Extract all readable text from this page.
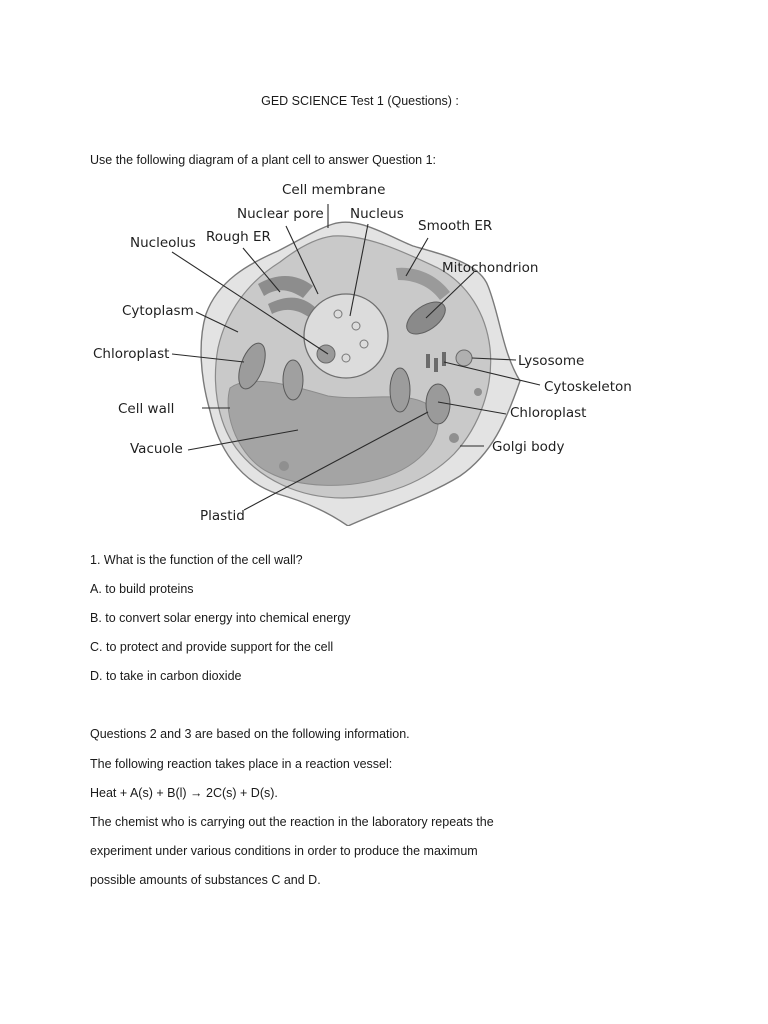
GED SCIENCE Test 1 (Questions) :
Use the following diagram of a plant cell to answer Question 1:
Cell membrane
Nuclear pore Nucleus
Smooth ER
Nucleolus Rough ER
Mitochondrion
Cytoplasm
Chloroplast	Lysosome
Cytoskeleton
Cell wall	Chloroplast
Vacuole	Golgi body
Plastid
1. What is the function of the cell wall?
A. to build proteins
B. to convert solar energy into chemical energy
C. to protect and provide support for the cell
D. to take in carbon dioxide
Questions 2 and 3 are based on the following information.
The following reaction takes place in a reaction vessel:
Heat + A(s) + B(l) → 2C(s) + D(s).
The chemist who is carrying out the reaction in the laboratory repeats the
experiment under various conditions in order to produce the maximum
possible amounts of substances C and D.
